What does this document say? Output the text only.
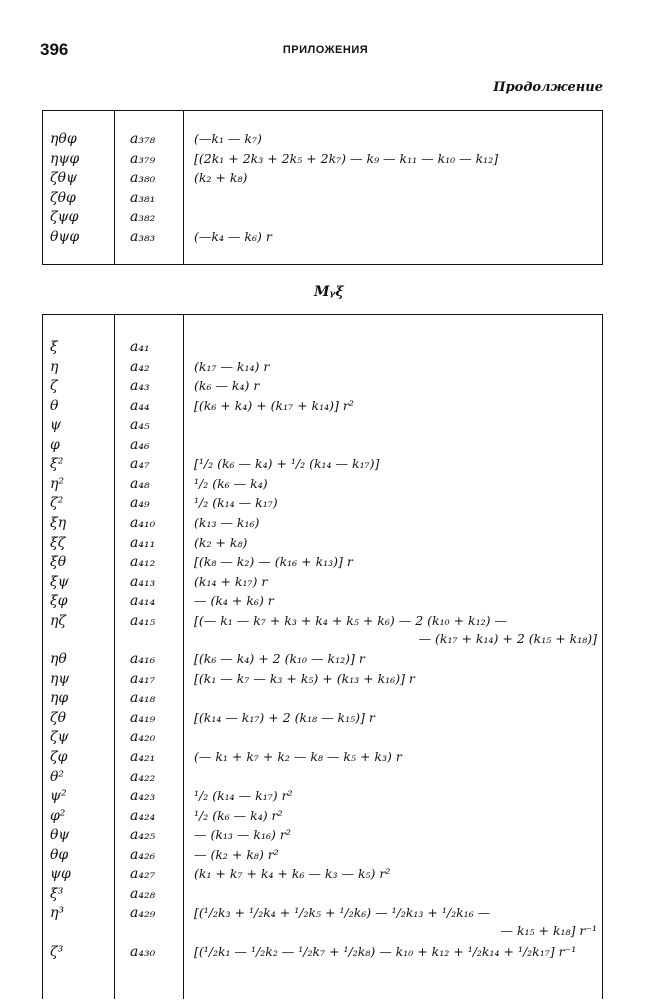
396	ПРИЛОЖЕНИЯ
Продолжение
ηθφ	a₃₇₈	(—k₁ — k₇)
ηψφ	a₃₇₉	[(2k₁ + 2k₃ + 2k₅ + 2k₇) — k₉ — k₁₁ — k₁₀ — k₁₂]
ζθψ	a₃₈₀	(k₂ + k₈)
ζθφ	a₃₈₁
ζψφ	a₃₈₂
θψφ	a₃₈₃	(—k₄ — k₆) r
Mᵧξ
ξ	a₄₁
η	a₄₂	(k₁₇ — k₁₄) r
ζ	a₄₃	(k₆ — k₄) r
θ	a₄₄	[(k₆ + k₄) + (k₁₇ + k₁₄)] r²
ψ	a₄₅
φ	a₄₆
ξ²	a₄₇	[¹/₂ (k₆ — k₄) + ¹/₂ (k₁₄ — k₁₇)]
η²	a₄₈	¹/₂ (k₆ — k₄)
ζ²	a₄₉	¹/₂ (k₁₄ — k₁₇)
ξη	a₄₁₀	(k₁₃ — k₁₆)
ξζ	a₄₁₁	(k₂ + k₈)
ξθ	a₄₁₂	[(k₈ — k₂) — (k₁₆ + k₁₃)] r
ξψ	a₄₁₃	(k₁₄ + k₁₇) r
ξφ	a₄₁₄	— (k₄ + k₆) r
ηζ	a₄₁₅	[(— k₁ — k₇ + k₃ + k₄ + k₅ + k₆) — 2 (k₁₀ + k₁₂) —
— (k₁₇ + k₁₄) + 2 (k₁₅ + k₁₈)]
ηθ	a₄₁₆	[(k₆ — k₄) + 2 (k₁₀ — k₁₂)] r
ηψ	a₄₁₇	[(k₁ — k₇ — k₃ + k₅) + (k₁₃ + k₁₆)] r
ηφ	a₄₁₈
ζθ	a₄₁₉	[(k₁₄ — k₁₇) + 2 (k₁₈ — k₁₅)] r
ζψ	a₄₂₀
ζφ	a₄₂₁	(— k₁ + k₇ + k₂ — k₈ — k₅ + k₃) r
θ²	a₄₂₂
ψ²	a₄₂₃	¹/₂ (k₁₄ — k₁₇) r²
φ²	a₄₂₄	¹/₂ (k₆ — k₄) r²
θψ	a₄₂₅	— (k₁₃ — k₁₆) r²
θφ	a₄₂₆	— (k₂ + k₈) r²
ψφ	a₄₂₇	(k₁ + k₇ + k₄ + k₆ — k₃ — k₅) r²
ξ³	a₄₂₈
η³	a₄₂₉	[(¹/₂k₃ + ¹/₂k₄ + ¹/₂k₅ + ¹/₂k₆) — ¹/₂k₁₃ + ¹/₂k₁₆ —
— k₁₅ + k₁₈] r⁻¹
ζ³	a₄₃₀	[(¹/₂k₁ — ¹/₂k₂ — ¹/₂k₇ + ¹/₂k₈) — k₁₀ + k₁₂ + ¹/₂k₁₄ + ¹/₂k₁₇] r⁻¹
